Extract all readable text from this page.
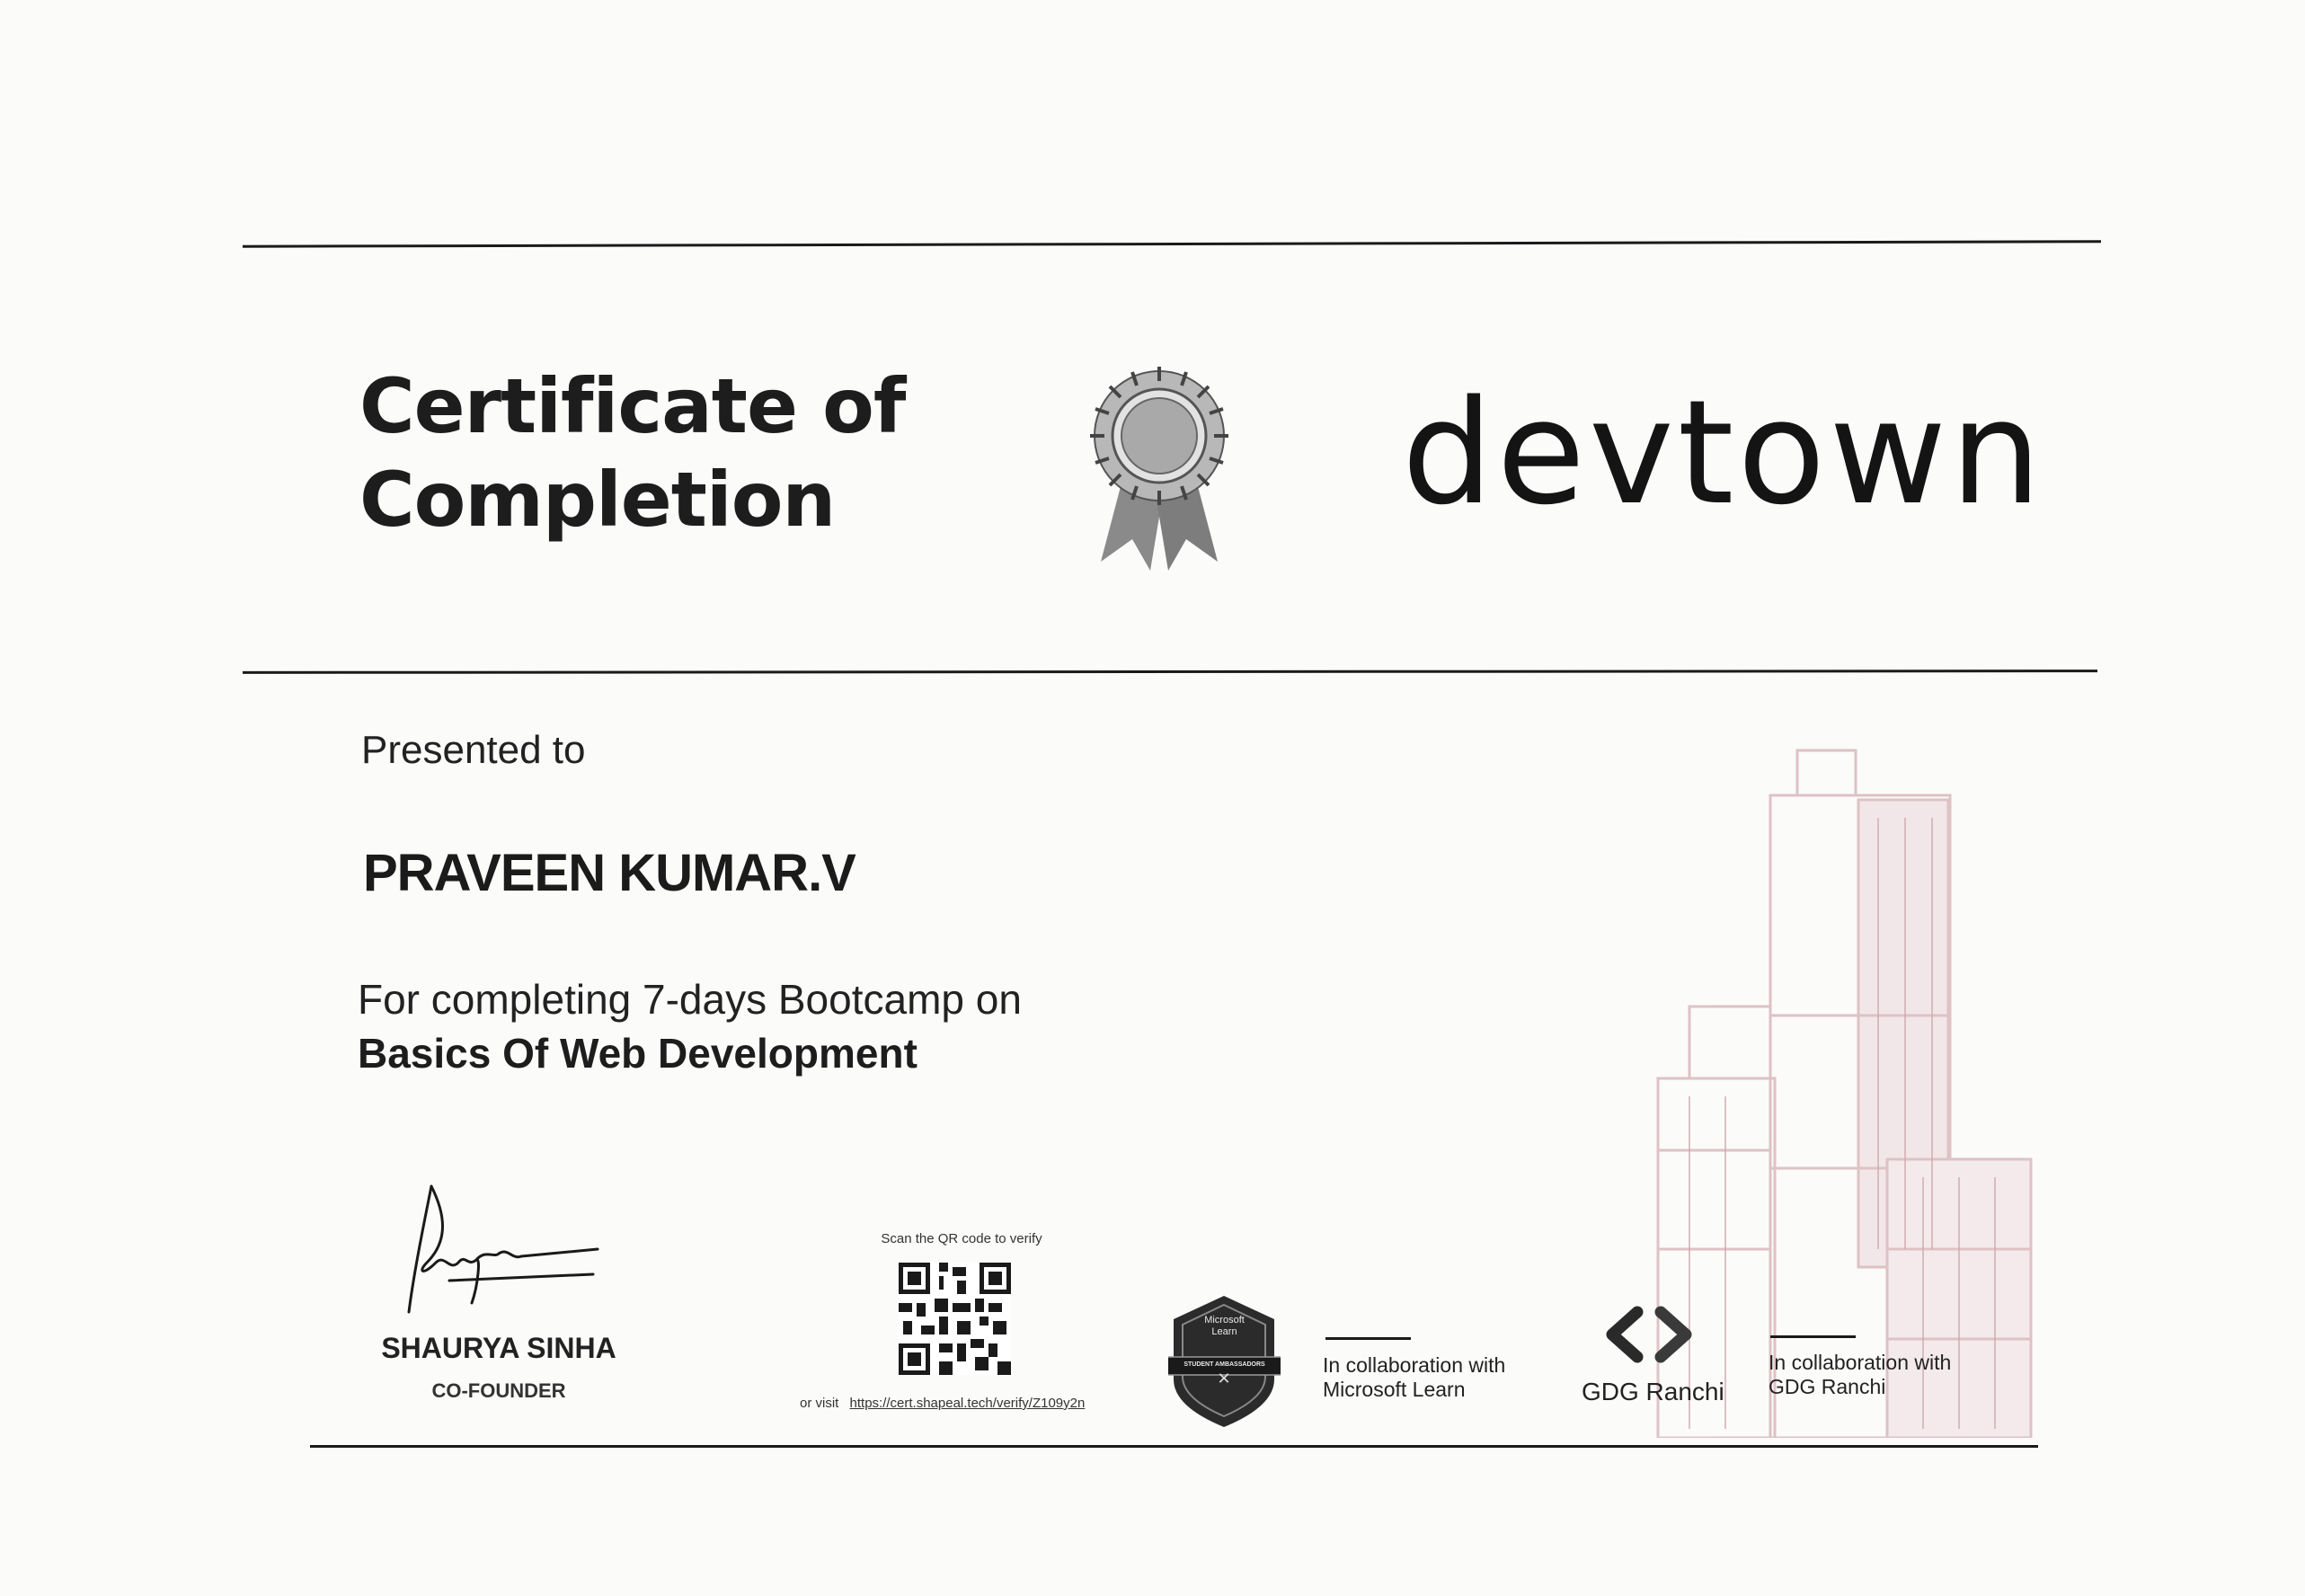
Certificate of
Completion	devtown
Presented to
PRAVEEN KUMAR.V
For completing 7-days Bootcamp on
Basics Of Web Development
SHAURYA SINHA
CO-FOUNDER
Scan the QR code to verify
or visit https://cert.shapeal.tech/verify/Z109y2n
✕
Microsoft Learn
STUDENT AMBASSADORS	In collaboration with
Microsoft Learn	GDG Ranchi
In collaboration with
GDG Ranchi
